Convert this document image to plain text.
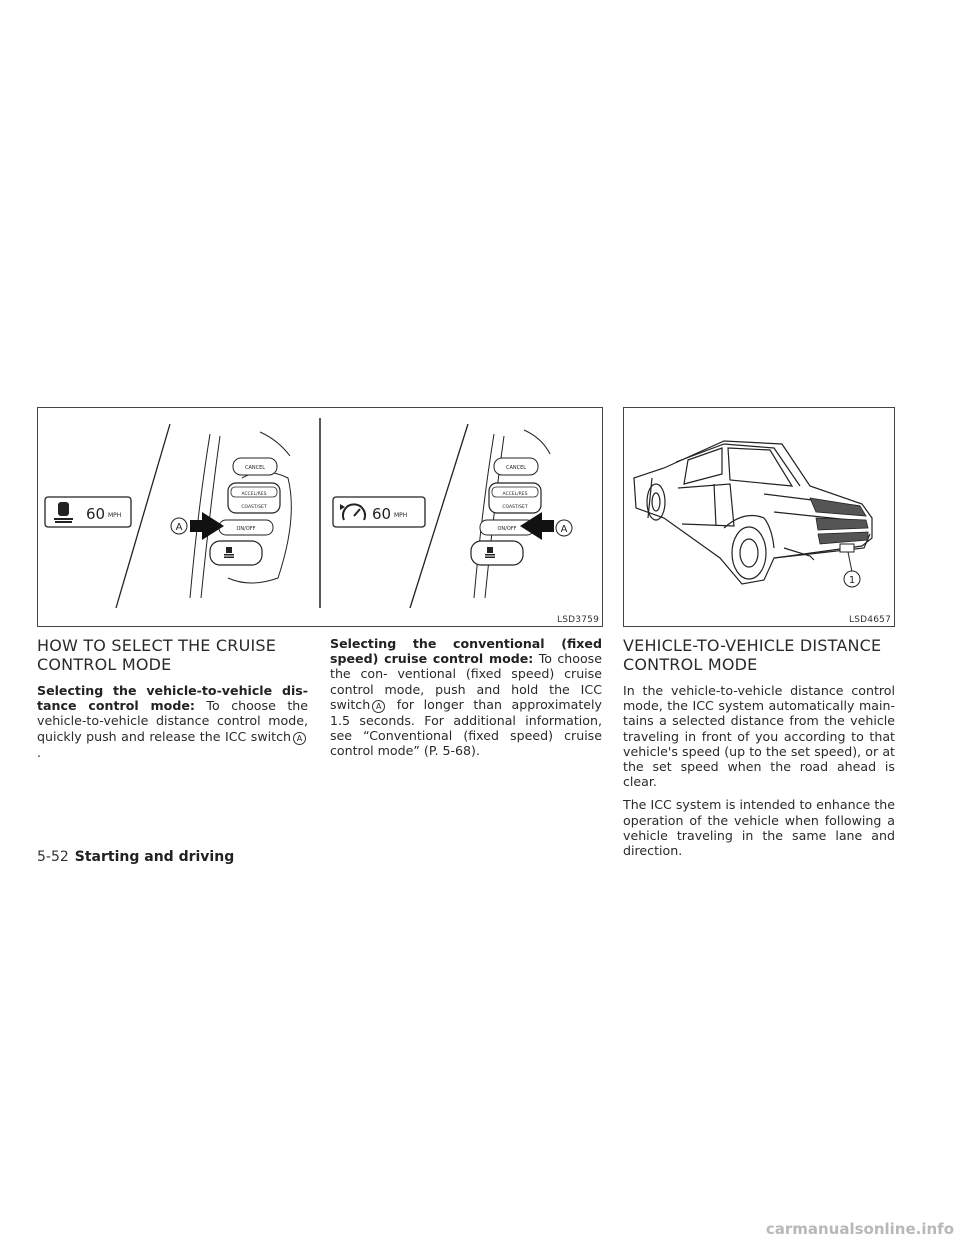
60 MPH
CANCEL
ACCEL/RES
COAST/SET
ON/OFF
A
60 MPH
CANCEL
ACCEL/RES
COAST/SET
ON/OFF	A
LSD3759
1
LSD4657
HOW TO SELECT THE CRUISE CONTROL MODE

Selecting the vehicle-to-vehicle dis- tance control mode: To choose the vehicle-to-vehicle distance control mode, quickly push and release the ICC switch A.

Selecting the conventional (fixed speed) cruise control mode: To choose the con- ventional (fixed speed) cruise control mode, push and hold the ICC switch A for longer than approximately 1.5 seconds. For additional information, see “Conventional (fixed speed) cruise control mode” (P. 5-68).

VEHICLE-TO-VEHICLE DISTANCE CONTROL MODE

In the vehicle-to-vehicle distance control mode, the ICC system automatically main- tains a selected distance from the vehicle traveling in front of you according to that vehicle's speed (up to the set speed), or at the set speed when the road ahead is clear.

The ICC system is intended to enhance the operation of the vehicle when following a vehicle traveling in the same lane and direction.

5-52 Starting and driving
carmanualsonline.info
